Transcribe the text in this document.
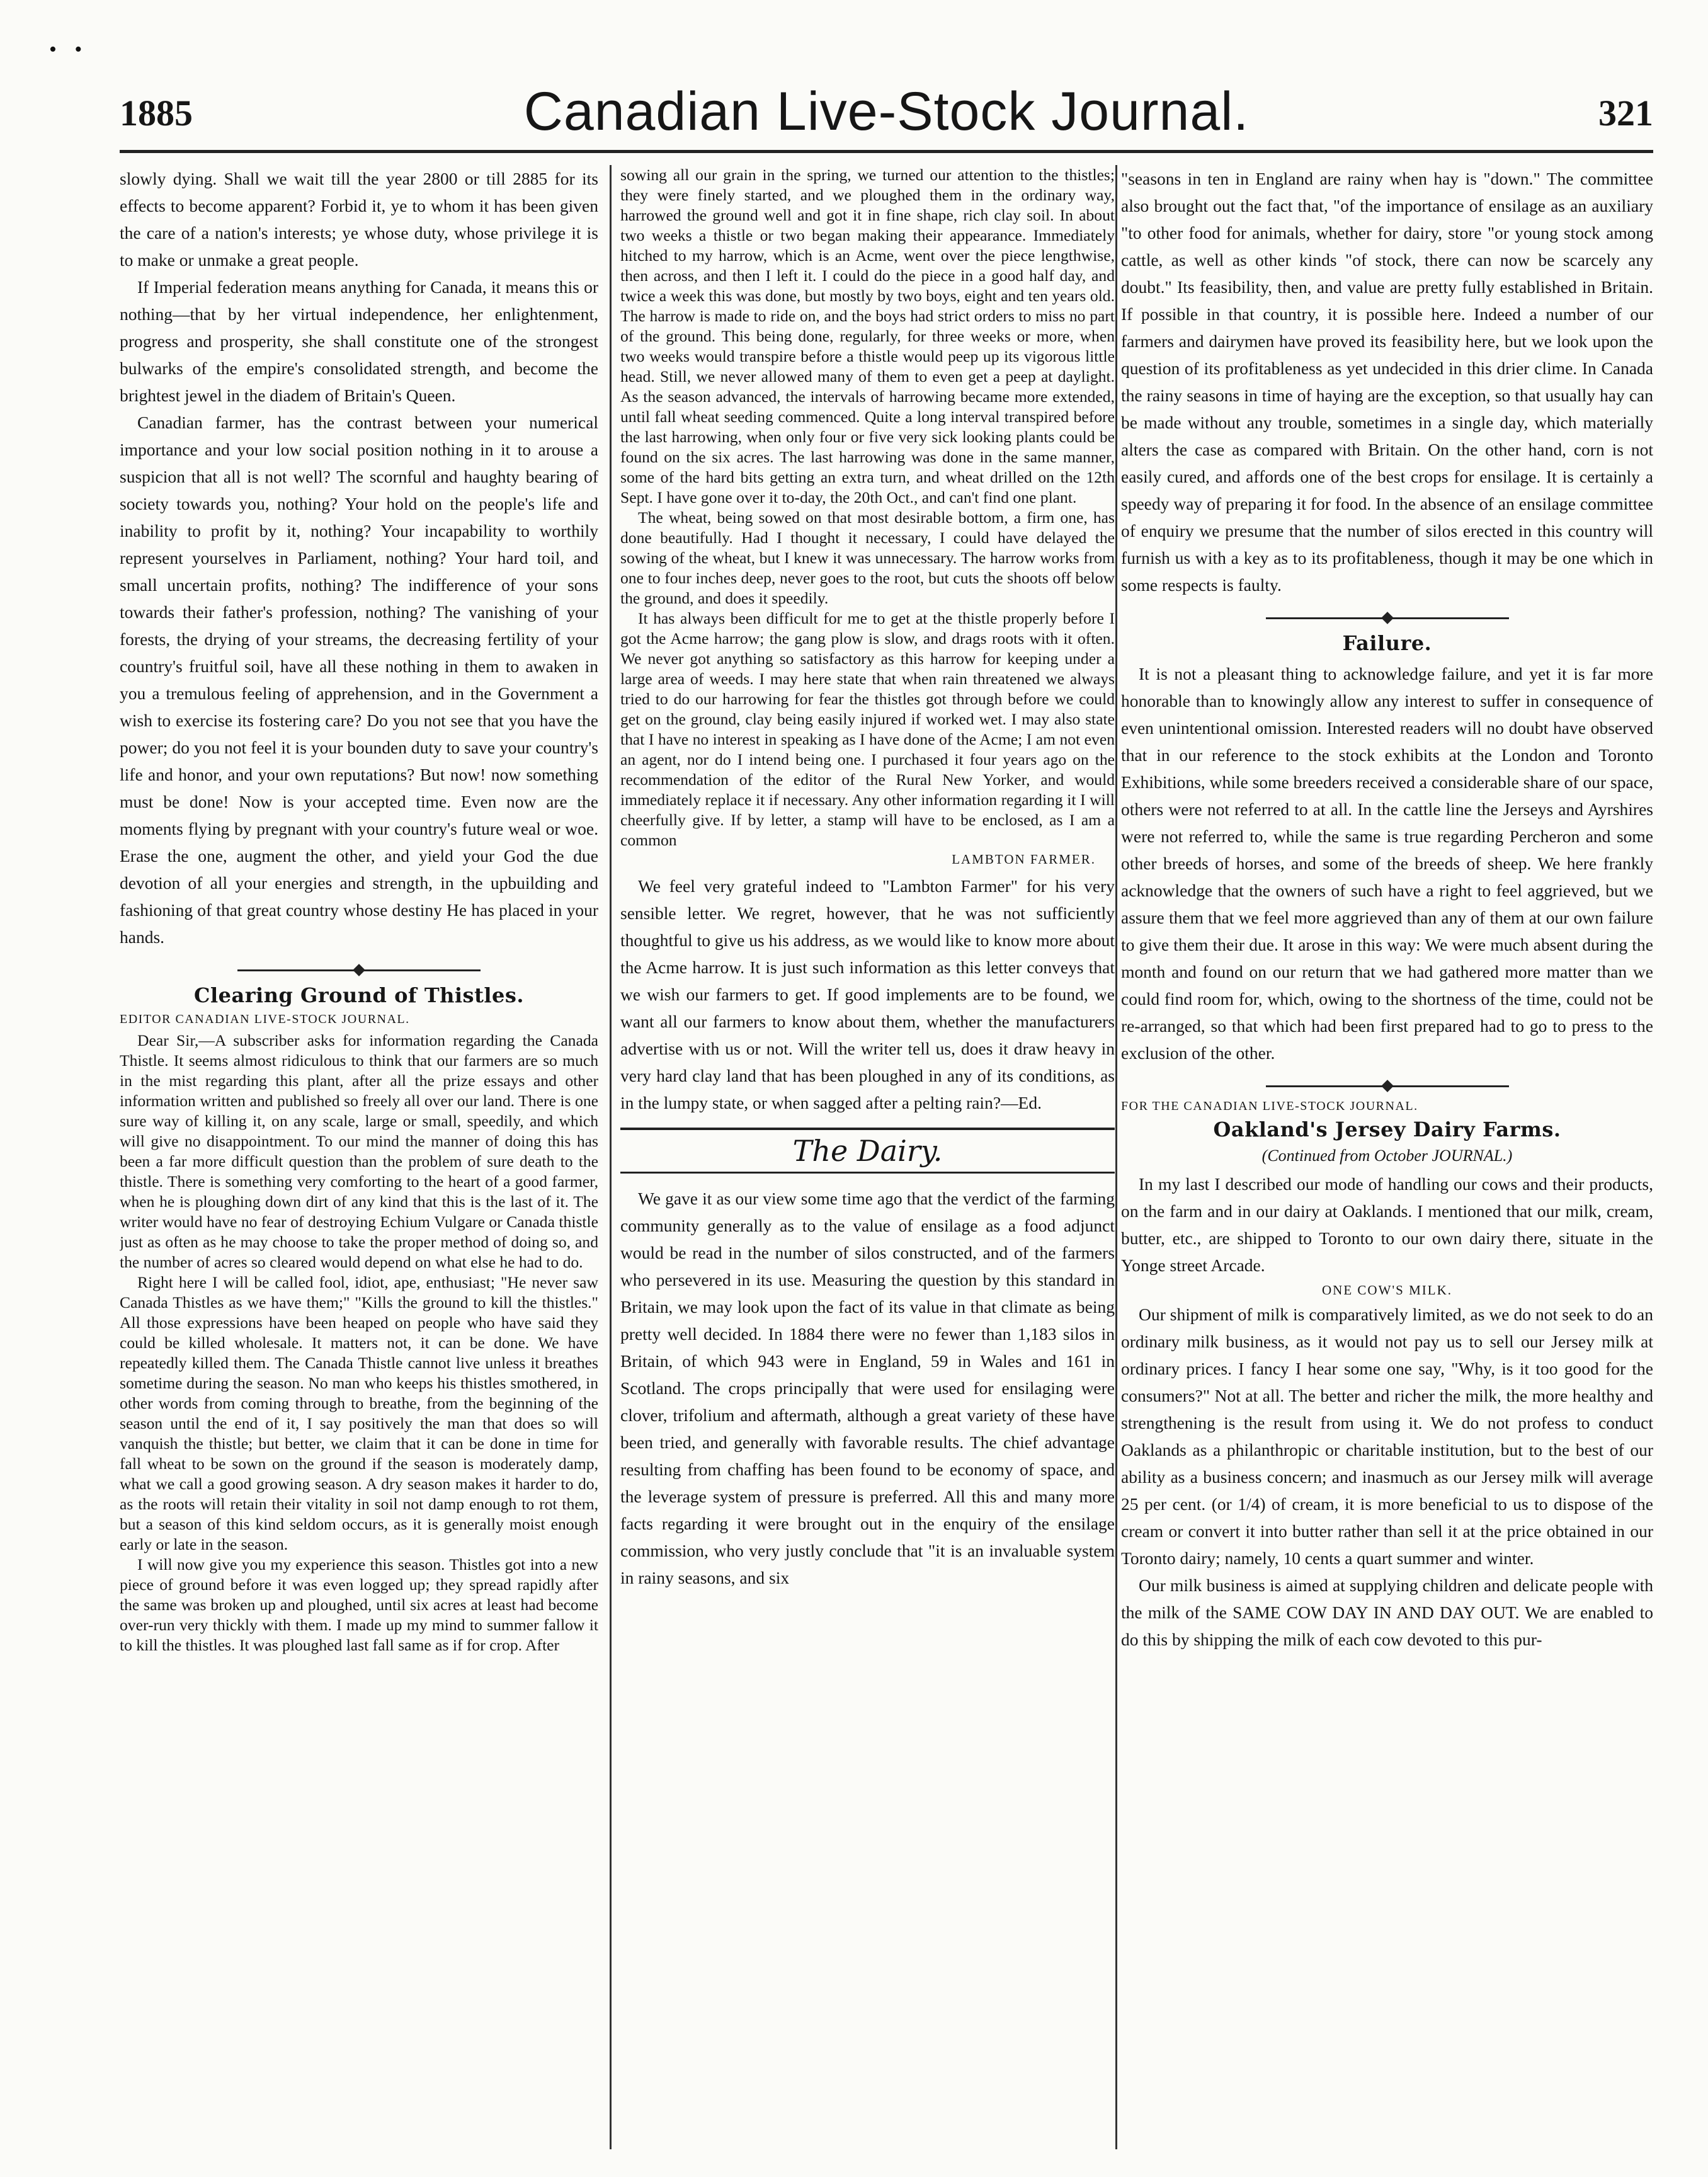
• •
1885	Canadian Live-Stock Journal.	321

slowly dying. Shall we wait till the year 2800 or till 2885 for its effects to become apparent? Forbid it, ye to whom it has been given the care of a nation's interests; ye whose duty, whose privilege it is to make or unmake a great people.

If Imperial federation means anything for Canada, it means this or nothing—that by her virtual independence, her enlightenment, progress and prosperity, she shall constitute one of the strongest bulwarks of the empire's consolidated strength, and become the brightest jewel in the diadem of Britain's Queen.

Canadian farmer, has the contrast between your numerical importance and your low social position nothing in it to arouse a suspicion that all is not well? The scornful and haughty bearing of society towards you, nothing? Your hold on the people's life and inability to profit by it, nothing? Your incapability to worthily represent yourselves in Parliament, nothing? Your hard toil, and small uncertain profits, nothing? The indifference of your sons towards their father's profession, nothing? The vanishing of your forests, the drying of your streams, the decreasing fertility of your country's fruitful soil, have all these nothing in them to awaken in you a tremulous feeling of apprehension, and in the Government a wish to exercise its fostering care? Do you not see that you have the power; do you not feel it is your bounden duty to save your country's life and honor, and your own reputations? But now! now something must be done! Now is your accepted time. Even now are the moments flying by pregnant with your country's future weal or woe. Erase the one, augment the other, and yield your God the due devotion of all your energies and strength, in the upbuilding and fashioning of that great country whose destiny He has placed in your hands.

Clearing Ground of Thistles.
EDITOR CANADIAN LIVE-STOCK JOURNAL.

Dear Sir,—A subscriber asks for information regarding the Canada Thistle. It seems almost ridiculous to think that our farmers are so much in the mist regarding this plant, after all the prize essays and other information written and published so freely all over our land. There is one sure way of killing it, on any scale, large or small, speedily, and which will give no disappointment. To our mind the manner of doing this has been a far more difficult question than the problem of sure death to the thistle. There is something very comforting to the heart of a good farmer, when he is ploughing down dirt of any kind that this is the last of it. The writer would have no fear of destroying Echium Vulgare or Canada thistle just as often as he may choose to take the proper method of doing so, and the number of acres so cleared would depend on what else he had to do.

Right here I will be called fool, idiot, ape, enthusiast; "He never saw Canada Thistles as we have them;" "Kills the ground to kill the thistles." All those expressions have been heaped on people who have said they could be killed wholesale. It matters not, it can be done. We have repeatedly killed them. The Canada Thistle cannot live unless it breathes sometime during the season. No man who keeps his thistles smothered, in other words from coming through to breathe, from the beginning of the season until the end of it, I say positively the man that does so will vanquish the thistle; but better, we claim that it can be done in time for fall wheat to be sown on the ground if the season is moderately damp, what we call a good growing season. A dry season makes it harder to do, as the roots will retain their vitality in soil not damp enough to rot them, but a season of this kind seldom occurs, as it is generally moist enough early or late in the season.

I will now give you my experience this season. Thistles got into a new piece of ground before it was even logged up; they spread rapidly after the same was broken up and ploughed, until six acres at least had become over-run very thickly with them. I made up my mind to summer fallow it to kill the thistles. It was ploughed last fall same as if for crop. After

sowing all our grain in the spring, we turned our attention to the thistles; they were finely started, and we ploughed them in the ordinary way, harrowed the ground well and got it in fine shape, rich clay soil. In about two weeks a thistle or two began making their appearance. Immediately hitched to my harrow, which is an Acme, went over the piece lengthwise, then across, and then I left it. I could do the piece in a good half day, and twice a week this was done, but mostly by two boys, eight and ten years old. The harrow is made to ride on, and the boys had strict orders to miss no part of the ground. This being done, regularly, for three weeks or more, when two weeks would transpire before a thistle would peep up its vigorous little head. Still, we never allowed many of them to even get a peep at daylight. As the season advanced, the intervals of harrowing became more extended, until fall wheat seeding commenced. Quite a long interval transpired before the last harrowing, when only four or five very sick looking plants could be found on the six acres. The last harrowing was done in the same manner, some of the hard bits getting an extra turn, and wheat drilled on the 12th Sept. I have gone over it to-day, the 20th Oct., and can't find one plant.

The wheat, being sowed on that most desirable bottom, a firm one, has done beautifully. Had I thought it necessary, I could have delayed the sowing of the wheat, but I knew it was unnecessary. The harrow works from one to four inches deep, never goes to the root, but cuts the shoots off below the ground, and does it speedily.

It has always been difficult for me to get at the thistle properly before I got the Acme harrow; the gang plow is slow, and drags roots with it often. We never got anything so satisfactory as this harrow for keeping under a large area of weeds. I may here state that when rain threatened we always tried to do our harrowing for fear the thistles got through before we could get on the ground, clay being easily injured if worked wet. I may also state that I have no interest in speaking as I have done of the Acme; I am not even an agent, nor do I intend being one. I purchased it four years ago on the recommendation of the editor of the Rural New Yorker, and would immediately replace it if necessary. Any other information regarding it I will cheerfully give. If by letter, a stamp will have to be enclosed, as I am a common

LAMBTON FARMER.

We feel very grateful indeed to "Lambton Farmer" for his very sensible letter. We regret, however, that he was not sufficiently thoughtful to give us his address, as we would like to know more about the Acme harrow. It is just such information as this letter conveys that we wish our farmers to get. If good implements are to be found, we want all our farmers to know about them, whether the manufacturers advertise with us or not. Will the writer tell us, does it draw heavy in very hard clay land that has been ploughed in any of its conditions, as in the lumpy state, or when sagged after a pelting rain?—Ed.

The Dairy.

We gave it as our view some time ago that the verdict of the farming community generally as to the value of ensilage as a food adjunct would be read in the number of silos constructed, and of the farmers who persevered in its use. Measuring the question by this standard in Britain, we may look upon the fact of its value in that climate as being pretty well decided. In 1884 there were no fewer than 1,183 silos in Britain, of which 943 were in England, 59 in Wales and 161 in Scotland. The crops principally that were used for ensilaging were clover, trifolium and aftermath, although a great variety of these have been tried, and generally with favorable results. The chief advantage resulting from chaffing has been found to be economy of space, and the leverage system of pressure is preferred. All this and many more facts regarding it were brought out in the enquiry of the ensilage commission, who very justly conclude that "it is an invaluable system in rainy seasons, and six

"seasons in ten in England are rainy when hay is "down." The committee also brought out the fact that, "of the importance of ensilage as an auxiliary "to other food for animals, whether for dairy, store "or young stock among cattle, as well as other kinds "of stock, there can now be scarcely any doubt." Its feasibility, then, and value are pretty fully established in Britain. If possible in that country, it is possible here. Indeed a number of our farmers and dairymen have proved its feasibility here, but we look upon the question of its profitableness as yet undecided in this drier clime. In Canada the rainy seasons in time of haying are the exception, so that usually hay can be made without any trouble, sometimes in a single day, which materially alters the case as compared with Britain. On the other hand, corn is not easily cured, and affords one of the best crops for ensilage. It is certainly a speedy way of preparing it for food. In the absence of an ensilage committee of enquiry we presume that the number of silos erected in this country will furnish us with a key as to its profitableness, though it may be one which in some respects is faulty.

Failure.

It is not a pleasant thing to acknowledge failure, and yet it is far more honorable than to knowingly allow any interest to suffer in consequence of even unintentional omission. Interested readers will no doubt have observed that in our reference to the stock exhibits at the London and Toronto Exhibitions, while some breeders received a considerable share of our space, others were not referred to at all. In the cattle line the Jerseys and Ayrshires were not referred to, while the same is true regarding Percheron and some other breeds of horses, and some of the breeds of sheep. We here frankly acknowledge that the owners of such have a right to feel aggrieved, but we assure them that we feel more aggrieved than any of them at our own failure to give them their due. It arose in this way: We were much absent during the month and found on our return that we had gathered more matter than we could find room for, which, owing to the shortness of the time, could not be re-arranged, so that which had been first prepared had to go to press to the exclusion of the other.

FOR THE CANADIAN LIVE-STOCK JOURNAL.
Oakland's Jersey Dairy Farms.
(Continued from October JOURNAL.)

In my last I described our mode of handling our cows and their products, on the farm and in our dairy at Oaklands. I mentioned that our milk, cream, butter, etc., are shipped to Toronto to our own dairy there, situate in the Yonge street Arcade.

ONE COW'S MILK.

Our shipment of milk is comparatively limited, as we do not seek to do an ordinary milk business, as it would not pay us to sell our Jersey milk at ordinary prices. I fancy I hear some one say, "Why, is it too good for the consumers?" Not at all. The better and richer the milk, the more healthy and strengthening is the result from using it. We do not profess to conduct Oaklands as a philanthropic or charitable institution, but to the best of our ability as a business concern; and inasmuch as our Jersey milk will average 25 per cent. (or 1/4) of cream, it is more beneficial to us to dispose of the cream or convert it into butter rather than sell it at the price obtained in our Toronto dairy; namely, 10 cents a quart summer and winter.

Our milk business is aimed at supplying children and delicate people with the milk of the SAME COW DAY IN AND DAY OUT. We are enabled to do this by shipping the milk of each cow devoted to this pur-
